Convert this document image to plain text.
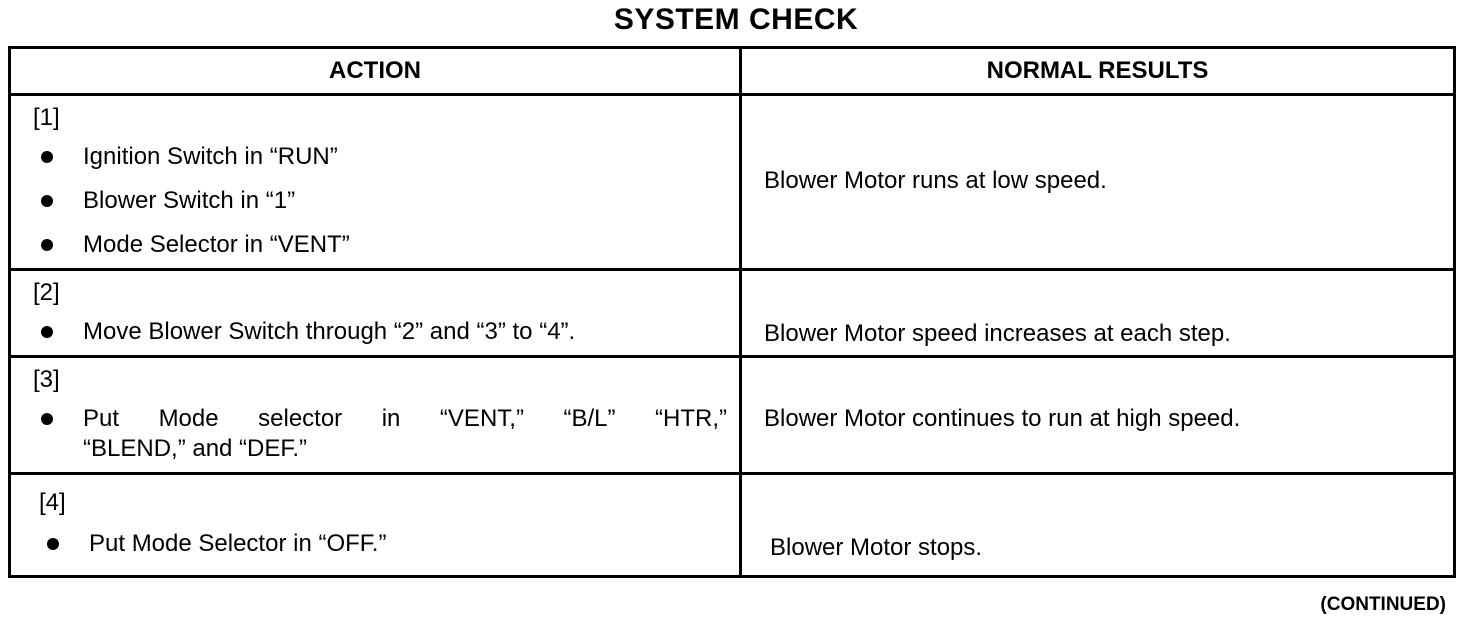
SYSTEM CHECK
ACTION	NORMAL RESULTS

[1]
Ignition Switch in “RUN”
Blower Switch in “1”
Mode Selector in “VENT”	Blower Motor runs at low speed.

[2]
Move Blower Switch through “2” and “3” to “4”.	Blower Motor speed increases at each step.

[3]
Put Mode selector in “VENT,” “B/L” “HTR,”
“BLEND,” and “DEF.”	Blower Motor continues to run at high speed.

[4]
Put Mode Selector in “OFF.”	Blower Motor stops.
(CONTINUED)
